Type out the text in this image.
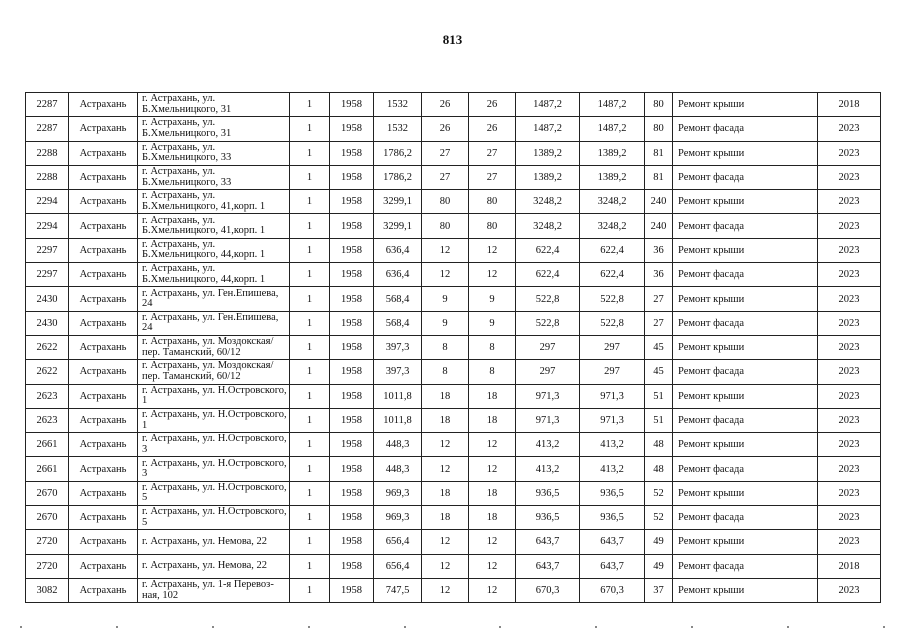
813
2287	Астрахань	г. Астрахань, ул. Б.Хмельницкого, 31	1	1958	1532	26	26	1487,2	1487,2	80	Ремонт крыши	2018
2287	Астрахань	г. Астрахань, ул. Б.Хмельницкого, 31	1	1958	1532	26	26	1487,2	1487,2	80	Ремонт фасада	2023
2288	Астрахань	г. Астрахань, ул. Б.Хмельницкого, 33	1	1958	1786,2	27	27	1389,2	1389,2	81	Ремонт крыши	2023
2288	Астрахань	г. Астрахань, ул. Б.Хмельницкого, 33	1	1958	1786,2	27	27	1389,2	1389,2	81	Ремонт фасада	2023
2294	Астрахань	г. Астрахань, ул. Б.Хмельницкого, 41,корп. 1	1	1958	3299,1	80	80	3248,2	3248,2	240	Ремонт крыши	2023
2294	Астрахань	г. Астрахань, ул. Б.Хмельницкого, 41,корп. 1	1	1958	3299,1	80	80	3248,2	3248,2	240	Ремонт фасада	2023
2297	Астрахань	г. Астрахань, ул. Б.Хмельницкого, 44,корп. 1	1	1958	636,4	12	12	622,4	622,4	36	Ремонт крыши	2023
2297	Астрахань	г. Астрахань, ул. Б.Хмельницкого, 44,корп. 1	1	1958	636,4	12	12	622,4	622,4	36	Ремонт фасада	2023
2430	Астрахань	г. Астрахань, ул. Ген.Епишева, 24	1	1958	568,4	9	9	522,8	522,8	27	Ремонт крыши	2023
2430	Астрахань	г. Астрахань, ул. Ген.Епишева, 24	1	1958	568,4	9	9	522,8	522,8	27	Ремонт фасада	2023
2622	Астрахань	г. Астрахань, ул. Моздокская/ пер. Таманский, 60/12	1	1958	397,3	8	8	297	297	45	Ремонт крыши	2023
2622	Астрахань	г. Астрахань, ул. Моздокская/ пер. Таманский, 60/12	1	1958	397,3	8	8	297	297	45	Ремонт фасада	2023
2623	Астрахань	г. Астрахань, ул. Н.Островского, 1	1	1958	1011,8	18	18	971,3	971,3	51	Ремонт крыши	2023
2623	Астрахань	г. Астрахань, ул. Н.Островского, 1	1	1958	1011,8	18	18	971,3	971,3	51	Ремонт фасада	2023
2661	Астрахань	г. Астрахань, ул. Н.Островского, 3	1	1958	448,3	12	12	413,2	413,2	48	Ремонт крыши	2023
2661	Астрахань	г. Астрахань, ул. Н.Островского, 3	1	1958	448,3	12	12	413,2	413,2	48	Ремонт фасада	2023
2670	Астрахань	г. Астрахань, ул. Н.Островского, 5	1	1958	969,3	18	18	936,5	936,5	52	Ремонт крыши	2023
2670	Астрахань	г. Астрахань, ул. Н.Островского, 5	1	1958	969,3	18	18	936,5	936,5	52	Ремонт фасада	2023
2720	Астрахань	г. Астрахань, ул. Немова, 22	1	1958	656,4	12	12	643,7	643,7	49	Ремонт крыши	2023
2720	Астрахань	г. Астрахань, ул. Немова, 22	1	1958	656,4	12	12	643,7	643,7	49	Ремонт фасада	2018
3082	Астрахань	г. Астрахань, ул. 1-я Перевоз-ная, 102	1	1958	747,5	12	12	670,3	670,3	37	Ремонт крыши	2023
